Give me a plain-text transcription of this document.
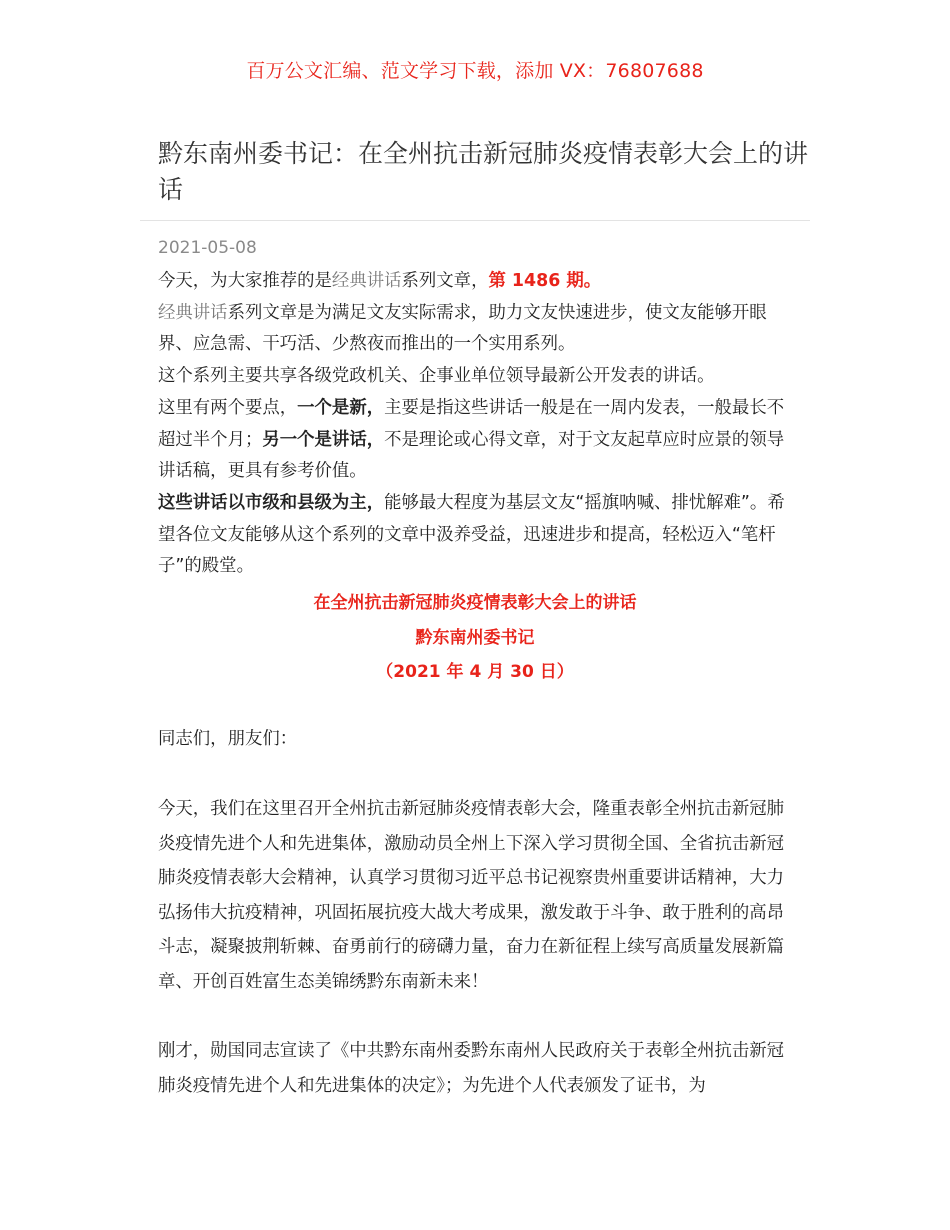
百万公文汇编、范文学习下载，添加 VX：76807688
黔东南州委书记：在全州抗击新冠肺炎疫情表彰大会上的讲话
2021-05-08

今天，为大家推荐的是经典讲话系列文章，第 1486 期。

经典讲话系列文章是为满足文友实际需求，助力文友快速进步，使文友能够开眼界、应急需、干巧活、少熬夜而推出的一个实用系列。

这个系列主要共享各级党政机关、企事业单位领导最新公开发表的讲话。

这里有两个要点，一个是新，主要是指这些讲话一般是在一周内发表，一般最长不超过半个月；另一个是讲话，不是理论或心得文章，对于文友起草应时应景的领导讲话稿，更具有参考价值。

这些讲话以市级和县级为主，能够最大程度为基层文友“摇旗呐喊、排忧解难”。希望各位文友能够从这个系列的文章中汲养受益，迅速进步和提高，轻松迈入“笔杆子”的殿堂。

在全州抗击新冠肺炎疫情表彰大会上的讲话
黔东南州委书记
（2021 年 4 月 30 日）
同志们，朋友们：
今天，我们在这里召开全州抗击新冠肺炎疫情表彰大会，隆重表彰全州抗击新冠肺炎疫情先进个人和先进集体，激励动员全州上下深入学习贯彻全国、全省抗击新冠肺炎疫情表彰大会精神，认真学习贯彻习近平总书记视察贵州重要讲话精神，大力弘扬伟大抗疫精神，巩固拓展抗疫大战大考成果，激发敢于斗争、敢于胜利的高昂斗志，凝聚披荆斩棘、奋勇前行的磅礴力量，奋力在新征程上续写高质量发展新篇章、开创百姓富生态美锦绣黔东南新未来！
刚才，勋国同志宣读了《中共黔东南州委黔东南州人民政府关于表彰全州抗击新冠肺炎疫情先进个人和先进集体的决定》；为先进个人代表颁发了证书，为
